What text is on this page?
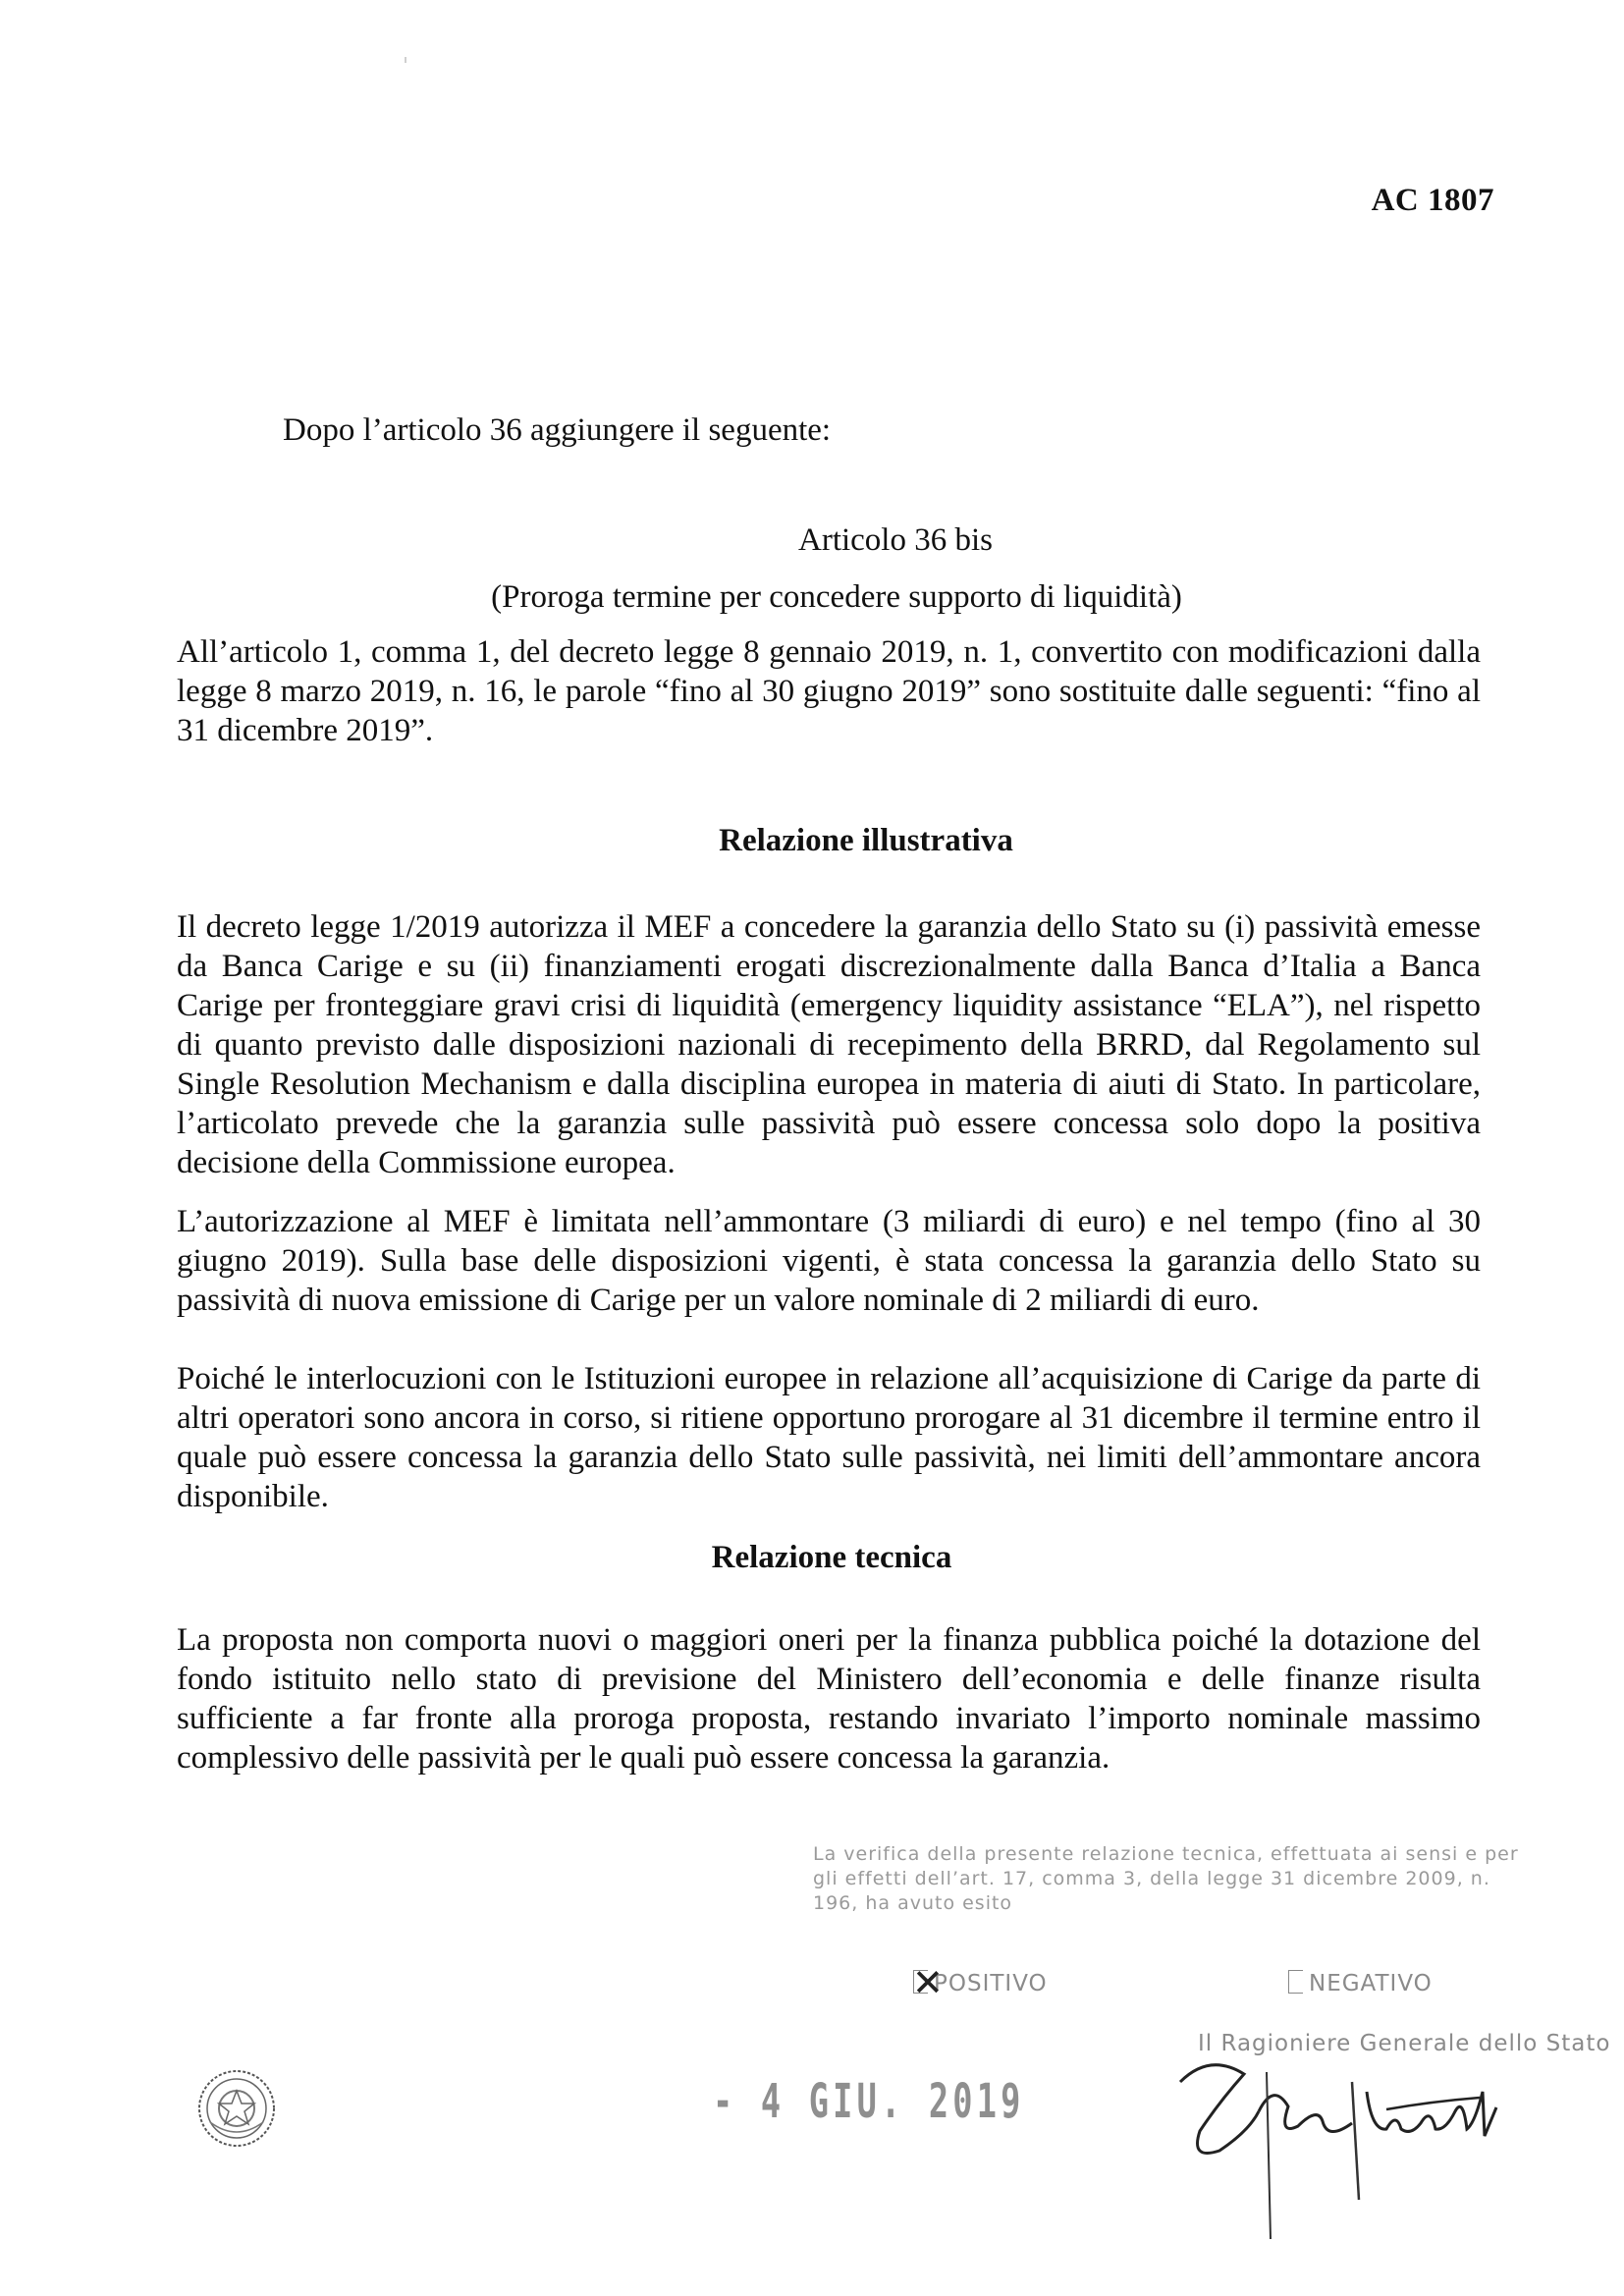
AC 1807
Dopo l’articolo 36 aggiungere il seguente:
Articolo 36 bis
(Proroga termine per concedere supporto di liquidità)
All’articolo 1, comma 1, del decreto legge 8 gennaio 2019, n. 1, convertito con modificazioni dalla legge 8 marzo 2019, n. 16, le parole “fino al 30 giugno 2019” sono sostituite dalle seguenti: “fino al 31 dicembre 2019”.
Relazione illustrativa
Il decreto legge 1/2019 autorizza il MEF a concedere la garanzia dello Stato su (i) passività emesse da Banca Carige e su (ii) finanziamenti erogati discrezionalmente dalla Banca d’Italia a Banca Carige per fronteggiare gravi crisi di liquidità (emergency liquidity assistance “ELA”), nel rispetto di quanto previsto dalle disposizioni nazionali di recepimento della BRRD, dal Regolamento sul Single Resolution Mechanism e dalla disciplina europea in materia di aiuti di Stato. In particolare, l’articolato prevede che la garanzia sulle passività può essere concessa solo dopo la positiva decisione della Commissione europea.
L’autorizzazione al MEF è limitata nell’ammontare (3 miliardi di euro) e nel tempo (fino al 30 giugno 2019). Sulla base delle disposizioni vigenti, è stata concessa la garanzia dello Stato su passività di nuova emissione di Carige per un valore nominale di 2 miliardi di euro.
Poiché le interlocuzioni con le Istituzioni europee in relazione all’acquisizione di Carige da parte di altri operatori sono ancora in corso, si ritiene opportuno prorogare al 31 dicembre il termine entro il quale può essere concessa la garanzia dello Stato sulle passività, nei limiti dell’ammontare ancora disponibile.
Relazione tecnica
La proposta non comporta nuovi o maggiori oneri per la finanza pubblica poiché la dotazione del fondo istituito nello stato di previsione del Ministero dell’economia e delle finanze risulta sufficiente a far fronte alla proroga proposta, restando invariato l’importo nominale massimo complessivo delle passività per le quali può essere concessa la garanzia.
La verifica della presente relazione tecnica, effettuata ai sensi e per gli effetti dell’art. 17, comma 3, della legge 31 dicembre 2009, n. 196, ha avuto esito
✕
POSITIVO	NEGATIVO
Il Ragioniere Generale dello Stato
- 4 GIU. 2019
